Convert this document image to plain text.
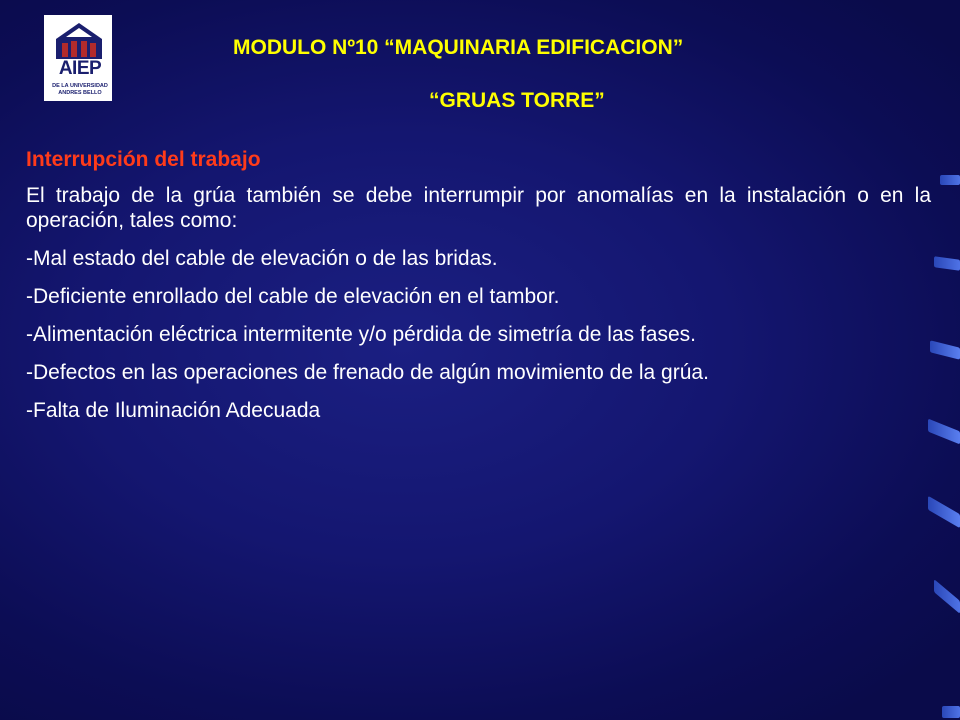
AIEP
DE LA UNIVERSIDAD
ANDRES BELLO
MODULO Nº10 “MAQUINARIA EDIFICACION”
“GRUAS TORRE”
Interrupción del trabajo

El trabajo de la grúa también se debe interrumpir por anomalías en la instalación o en la operación, tales como:

-Mal estado del cable de elevación o de las bridas.

-Deficiente enrollado del cable de elevación en el tambor.

-Alimentación eléctrica intermitente y/o pérdida de simetría de las fases.

-Defectos en las operaciones de frenado de algún movimiento de la grúa.

-Falta de Iluminación Adecuada
